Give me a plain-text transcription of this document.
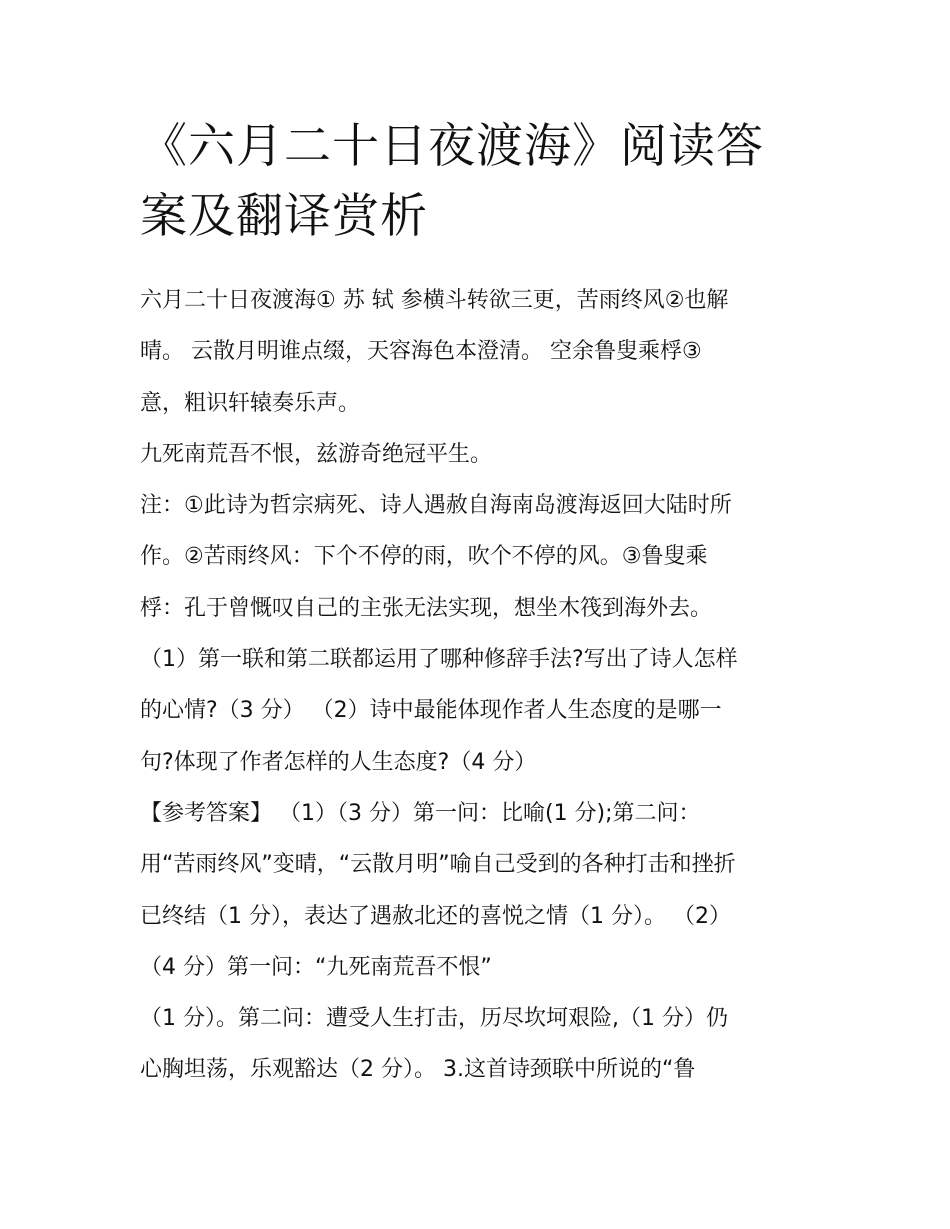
《六月二十日夜渡海》阅读答
案及翻译赏析
六月二十日夜渡海① 苏 轼 参横斗转欲三更，苦雨终风②也解
晴。 云散月明谁点缀，天容海色本澄清。 空余鲁叟乘桴③
意，粗识轩辕奏乐声。
九死南荒吾不恨，兹游奇绝冠平生。
注：①此诗为哲宗病死、诗人遇赦自海南岛渡海返回大陆时所
作。②苦雨终风：下个不停的雨，吹个不停的风。③鲁叟乘
桴：孔于曾慨叹自己的主张无法实现，想坐木筏到海外去。
（1）第一联和第二联都运用了哪种修辞手法?写出了诗人怎样
的心情?（3 分） （2）诗中最能体现作者人生态度的是哪一
句?体现了作者怎样的人生态度?（4 分）
【参考答案】 （1）（3 分）第一问：比喻(1 分);第二问：
用“苦雨终风”变晴，“云散月明”喻自己受到的各种打击和挫折
已终结（1 分），表达了遇赦北还的喜悦之情（1 分）。 （2）
（4 分）第一问：“九死南荒吾不恨”
（1 分）。第二问：遭受人生打击，历尽坎坷艰险,（1 分）仍
心胸坦荡，乐观豁达（2 分）。 3.这首诗颈联中所说的“鲁
